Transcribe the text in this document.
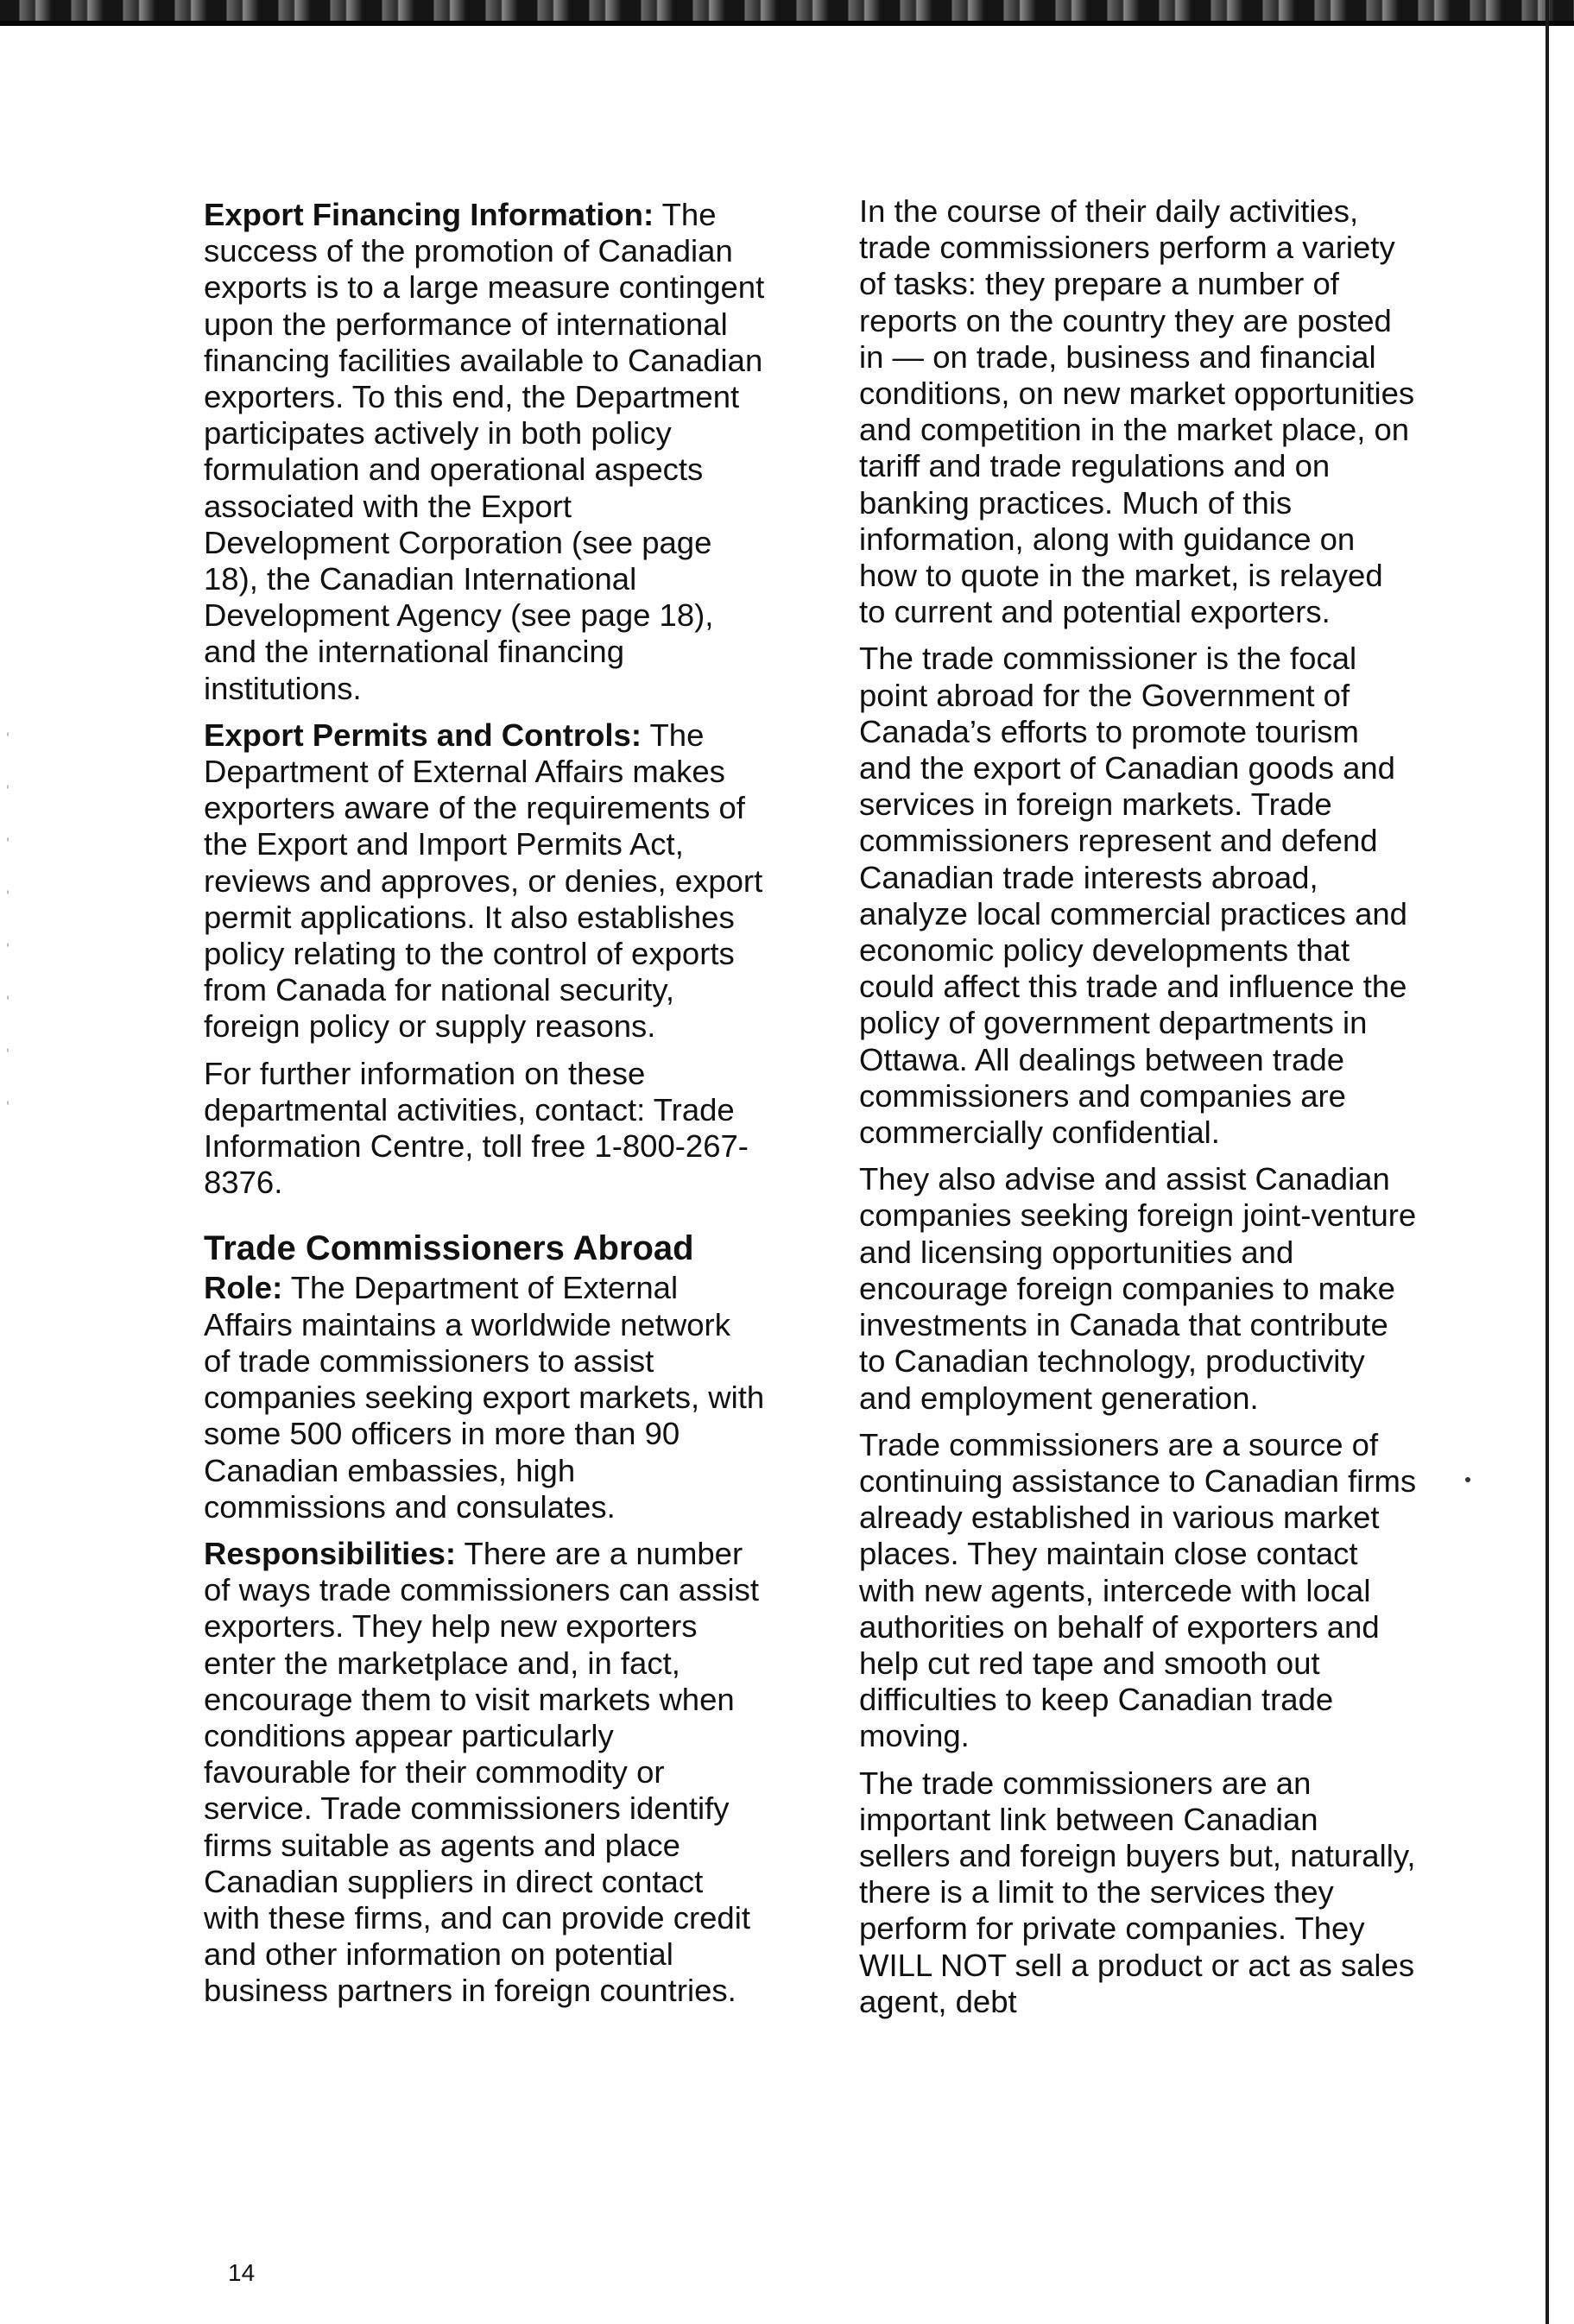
Export Financing Information: The success of the promotion of Canadian exports is to a large measure contingent upon the performance of international financing facilities available to Canadian exporters. To this end, the Department participates actively in both policy formulation and operational aspects associated with the Export Development Corporation (see page 18), the Canadian International Development Agency (see page 18), and the international financing institutions.

Export Permits and Controls: The Department of External Affairs makes exporters aware of the requirements of the Export and Import Permits Act, reviews and approves, or denies, export permit applications. It also establishes policy relating to the control of exports from Canada for national security, foreign policy or supply reasons.

For further information on these departmental activities, contact: Trade Information Centre, toll free 1-800-267-8376.

Trade Commissioners Abroad

Role: The Department of External Affairs maintains a worldwide network of trade commissioners to assist companies seeking export markets, with some 500 officers in more than 90 Canadian embassies, high commissions and consulates.

Responsibilities: There are a number of ways trade commissioners can assist exporters. They help new exporters enter the marketplace and, in fact, encourage them to visit markets when conditions appear particularly favourable for their commodity or service. Trade commissioners identify firms suitable as agents and place Canadian suppliers in direct contact with these firms, and can provide credit and other information on potential business partners in foreign countries.

In the course of their daily activities, trade commissioners perform a variety of tasks: they prepare a number of reports on the country they are posted in — on trade, business and financial conditions, on new market opportunities and competition in the market place, on tariff and trade regulations and on banking practices. Much of this information, along with guidance on how to quote in the market, is relayed to current and potential exporters.

The trade commissioner is the focal point abroad for the Government of Canada’s efforts to promote tourism and the export of Canadian goods and services in foreign markets. Trade commissioners represent and defend Canadian trade interests abroad, analyze local commercial practices and economic policy developments that could affect this trade and influence the policy of government departments in Ottawa. All dealings between trade commissioners and companies are commercially confidential.

They also advise and assist Canadian companies seeking foreign joint-venture and licensing opportunities and encourage foreign companies to make investments in Canada that contribute to Canadian technology, productivity and employment generation.

Trade commissioners are a source of continuing assistance to Canadian firms already established in various market places. They maintain close contact with new agents, intercede with local authorities on behalf of exporters and help cut red tape and smooth out difficulties to keep Canadian trade moving.

The trade commissioners are an important link between Canadian sellers and foreign buyers but, naturally, there is a limit to the services they perform for private companies. They WILL NOT sell a product or act as sales agent, debt

14
